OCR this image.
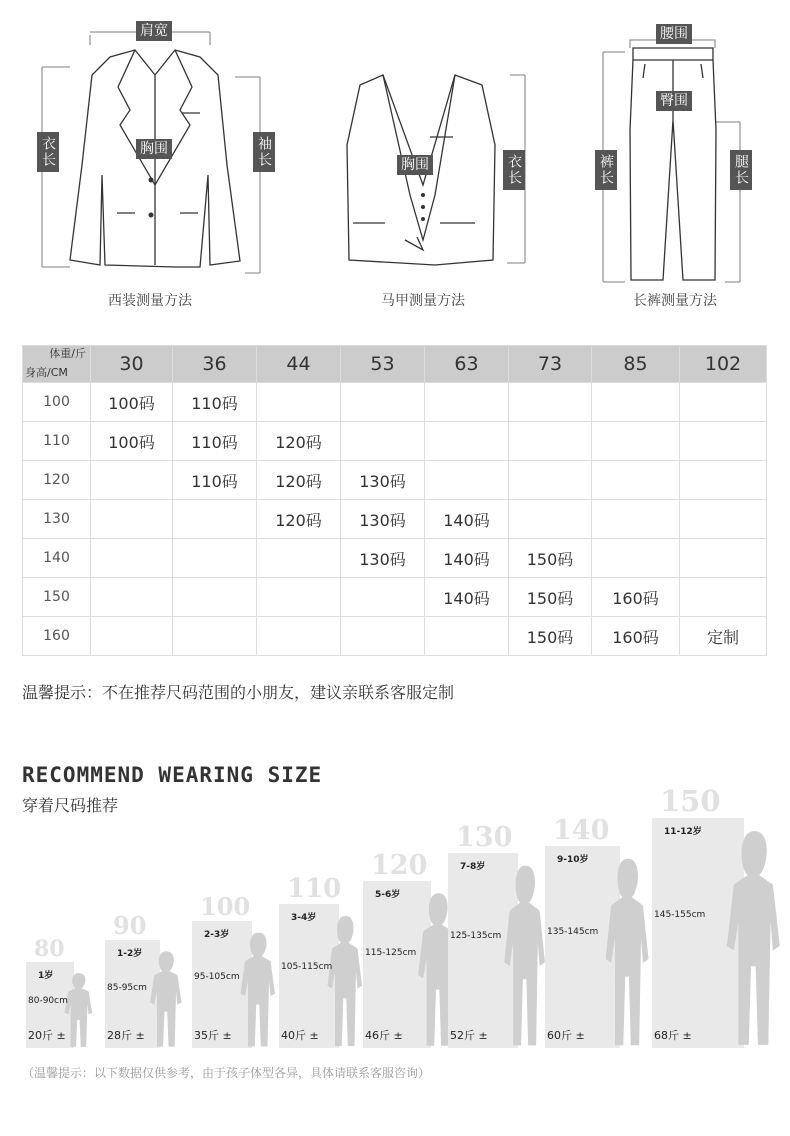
肩宽
衣长	胸围	袖长
西装测量方法
胸围	衣长
马甲测量方法
腰围
臀围
裤长	腿长
长裤测量方法
体重/斤
身高/CM	30	36	44	53	63	73	85	102
100	100码	110码						
110	100码	110码	120码					
120		110码	120码	130码				
130			120码	130码	140码			
140				130码	140码	150码		
150					140码	150码	160码	
160						150码	160码	定制
温馨提示：不在推荐尺码范围的小朋友，建议亲联系客服定制
RECOMMEND WEARING SIZE
穿着尺码推荐
80
1岁
80-90cm
20斤 ±
90
1-2岁
85-95cm
28斤 ±
100
2-3岁
95-105cm
35斤 ±
110
3-4岁
105-115cm
40斤 ±
120
5-6岁
115-125cm
46斤 ±
130
7-8岁
125-135cm
52斤 ±
140
9-10岁
135-145cm
60斤 ±
150
11-12岁
145-155cm
68斤 ±
（温馨提示：以下数据仅供参考，由于孩子体型各异，具体请联系客服咨询）
